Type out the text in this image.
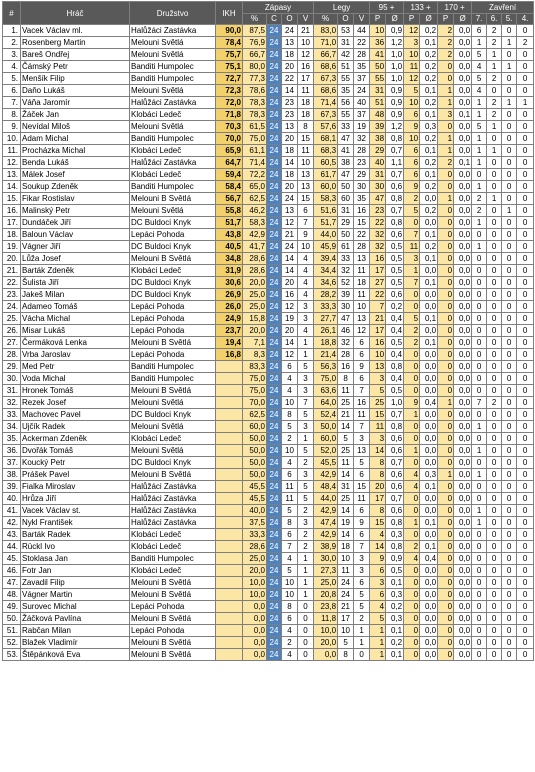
#	Hráč	Družstvo	IKH	Zápasy				Legy			95 +		133 +		170 +		Zavření			
				%	C	O	V	%	O	V	P	Ø	P	Ø	P	Ø	7.	6.	5.	4.
1.	Vacek Václav ml.	Halůžáci Zastávka	90,0	87,5	24	24	21	83,0	53	44	10	0,9	12	0,2	2	0,0	6	2	0	0
2.	Rosenberg Martin	Melouni Světlá	78,4	76,9	24	13	10	71,0	31	22	36	1,2	3	0,1	2	0,0	1	2	1	2
3.	Bareš Ondřej	Melouni Světlá	75,7	66,7	24	18	12	66,7	42	28	41	1,0	10	0,2	2	0,0	5	1	0	0
4.	Čámský Petr	Banditi Humpolec	75,1	80,0	24	20	16	68,6	51	35	50	1,0	11	0,2	0	0,0	4	1	1	0
5.	Menšík Filip	Banditi Humpolec	72,7	77,3	24	22	17	67,3	55	37	55	1,0	12	0,2	0	0,0	5	2	0	0
6.	Daňo Lukáš	Melouni Světlá	72,3	78,6	24	14	11	68,6	35	24	31	0,9	5	0,1	1	0,0	4	0	0	0
7.	Váňa Jaromír	Halůžáci Zastávka	72,0	78,3	24	23	18	71,4	56	40	51	0,9	10	0,2	1	0,0	1	2	1	1
8.	Žáček Jan	Klobáci Ledeč	71,8	78,3	24	23	18	67,3	55	37	48	0,9	6	0,1	3	0,1	1	2	0	0
9.	Nevídal Miloš	Melouni Světlá	70,3	61,5	24	13	8	57,6	33	19	39	1,2	9	0,3	0	0,0	5	1	0	0
10.	Adam Michal	Banditi Humpolec	70,0	75,0	24	20	15	68,1	47	32	38	0,8	10	0,2	1	0,0	1	0	0	0
11.	Procházka Michal	Klobáci Ledeč	65,9	61,1	24	18	11	68,3	41	28	29	0,7	6	0,1	1	0,0	1	1	0	0
12.	Benda Lukáš	Halůžáci Zastávka	64,7	71,4	24	14	10	60,5	38	23	40	1,1	6	0,2	2	0,1	1	0	0	0
13.	Málek Josef	Klobáci Ledeč	59,4	72,2	24	18	13	61,7	47	29	31	0,7	6	0,1	0	0,0	0	0	0	0
14.	Soukup Zdeněk	Banditi Humpolec	58,4	65,0	24	20	13	60,0	50	30	30	0,6	9	0,2	0	0,0	1	0	0	0
15.	Fikar Rostislav	Melouni B Světlá	56,7	62,5	24	24	15	58,3	60	35	47	0,8	2	0,0	1	0,0	2	1	0	0
16.	Malinský Petr	Melouni Světlá	55,8	46,2	24	13	6	51,6	31	16	23	0,7	5	0,2	0	0,0	2	0	1	0
17.	Dundáček Jiří	DC Buldoci Knyk	51,7	58,3	24	12	7	51,7	29	15	22	0,8	0	0,0	0	0,0	1	0	0	0
18.	Baloun Václav	Lepáci Pohoda	43,8	42,9	24	21	9	44,0	50	22	32	0,6	7	0,1	0	0,0	0	0	0	0
19.	Vágner Jiří	DC Buldoci Knyk	40,5	41,7	24	24	10	45,9	61	28	32	0,5	11	0,2	0	0,0	1	0	0	0
20.	Lůža Josef	Melouni B Světlá	34,8	28,6	24	14	4	39,4	33	13	16	0,5	3	0,1	0	0,0	0	0	0	0
21.	Barták Zdeněk	Klobáci Ledeč	31,9	28,6	24	14	4	34,4	32	11	17	0,5	1	0,0	0	0,0	0	0	0	0
22.	Šulista Jiří	DC Buldoci Knyk	30,6	20,0	24	20	4	34,6	52	18	27	0,5	7	0,1	0	0,0	0	0	0	0
23.	Jakeš Milan	DC Buldoci Knyk	26,9	25,0	24	16	4	28,2	39	11	22	0,6	0	0,0	0	0,0	0	0	0	0
24.	Adameo Tomáš	Lepáci Pohoda	26,0	25,0	24	12	3	33,3	30	10	7	0,2	0	0,0	0	0,0	0	0	0	0
25.	Vácha Michal	Lepáci Pohoda	24,9	15,8	24	19	3	27,7	47	13	21	0,4	5	0,1	0	0,0	0	0	0	0
26.	Misar Lukáš	Lepáci Pohoda	23,7	20,0	24	20	4	26,1	46	12	17	0,4	2	0,0	0	0,0	0	0	0	0
27.	Čermáková Lenka	Melouni B Světlá	19,4	7,1	24	14	1	18,8	32	6	16	0,5	2	0,1	0	0,0	0	0	0	0
28.	Vrba Jaroslav	Lepáci Pohoda	16,8	8,3	24	12	1	21,4	28	6	10	0,4	0	0,0	0	0,0	0	0	0	0
29.	Med Petr	Banditi Humpolec		83,3	24	6	5	56,3	16	9	13	0,8	0	0,0	0	0,0	0	0	0	0
30.	Voda Michal	Banditi Humpolec		75,0	24	4	3	75,0	8	6	3	0,4	0	0,0	0	0,0	0	0	0	0
31.	Hronek Tomáš	Melouni B Světlá		75,0	24	4	3	63,6	11	7	5	0,5	0	0,0	0	0,0	0	0	0	0
32.	Rezek Josef	Melouni Světlá		70,0	24	10	7	64,0	25	16	25	1,0	9	0,4	1	0,0	7	2	0	0
33.	Machovec Pavel	DC Buldoci Knyk		62,5	24	8	5	52,4	21	11	15	0,7	1	0,0	0	0,0	0	0	0	0
34.	Ujčík Radek	Melouni Světlá		60,0	24	5	3	50,0	14	7	11	0,8	0	0,0	0	0,0	1	0	0	0
35.	Ackerman Zdeněk	Klobáci Ledeč		50,0	24	2	1	60,0	5	3	3	0,6	0	0,0	0	0,0	0	0	0	0
36.	Dvořák Tomáš	Melouni Světlá		50,0	24	10	5	52,0	25	13	14	0,6	1	0,0	0	0,0	1	0	0	0
37.	Koucký Petr	DC Buldoci Knyk		50,0	24	4	2	45,5	11	5	8	0,7	0	0,0	0	0,0	0	0	0	0
38.	Prášek Pavel	Melouni B Světlá		50,0	24	6	3	42,9	14	6	8	0,6	4	0,3	1	0,0	1	0	0	0
39.	Fialka Miroslav	Halůžáci Zastávka		45,5	24	11	5	48,4	31	15	20	0,6	4	0,1	0	0,0	0	0	0	0
40.	Hrůza Jiří	Halůžáci Zastávka		45,5	24	11	5	44,0	25	11	17	0,7	0	0,0	0	0,0	0	0	0	0
41.	Vacek Václav st.	Halůžáci Zastávka		40,0	24	5	2	42,9	14	6	8	0,6	0	0,0	0	0,0	1	0	0	0
42.	Nykl František	Halůžáci Zastávka		37,5	24	8	3	47,4	19	9	15	0,8	1	0,1	0	0,0	1	0	0	0
43.	Barták Radek	Klobáci Ledeč		33,3	24	6	2	42,9	14	6	4	0,3	0	0,0	0	0,0	0	0	0	0
44.	Rückl Ivo	Klobáci Ledeč		28,6	24	7	2	38,9	18	7	14	0,8	2	0,1	0	0,0	0	0	0	0
45.	Stoklasa Jan	Banditi Humpolec		25,0	24	4	1	30,0	10	3	9	0,9	4	0,4	0	0,0	0	0	0	0
46.	Fotr Jan	Klobáci Ledeč		20,0	24	5	1	27,3	11	3	6	0,5	0	0,0	0	0,0	0	0	0	0
47.	Zavadil Filip	Melouni B Světlá		10,0	24	10	1	25,0	24	6	3	0,1	0	0,0	0	0,0	0	0	0	0
48.	Vágner Martin	Melouni B Světlá		10,0	24	10	1	20,8	24	5	6	0,3	0	0,0	0	0,0	0	0	0	0
49.	Surovec Michal	Lepáci Pohoda		0,0	24	8	0	23,8	21	5	4	0,2	0	0,0	0	0,0	0	0	0	0
50.	Žáčková Pavlína	Melouni B Světlá		0,0	24	6	0	11,8	17	2	5	0,3	0	0,0	0	0,0	0	0	0	0
51.	Rabčan Milan	Lepáci Pohoda		0,0	24	4	0	10,0	10	1	1	0,1	0	0,0	0	0,0	0	0	0	0
52.	Blažek Vladimír	Melouni B Světlá		0,0	24	2	0	20,0	5	1	1	0,2	0	0,0	0	0,0	0	0	0	0
53.	Štěpánková Eva	Melouni B Světlá		0,0	24	4	0	0,0	8	0	1	0,1	0	0,0	0	0,0	0	0	0	0
